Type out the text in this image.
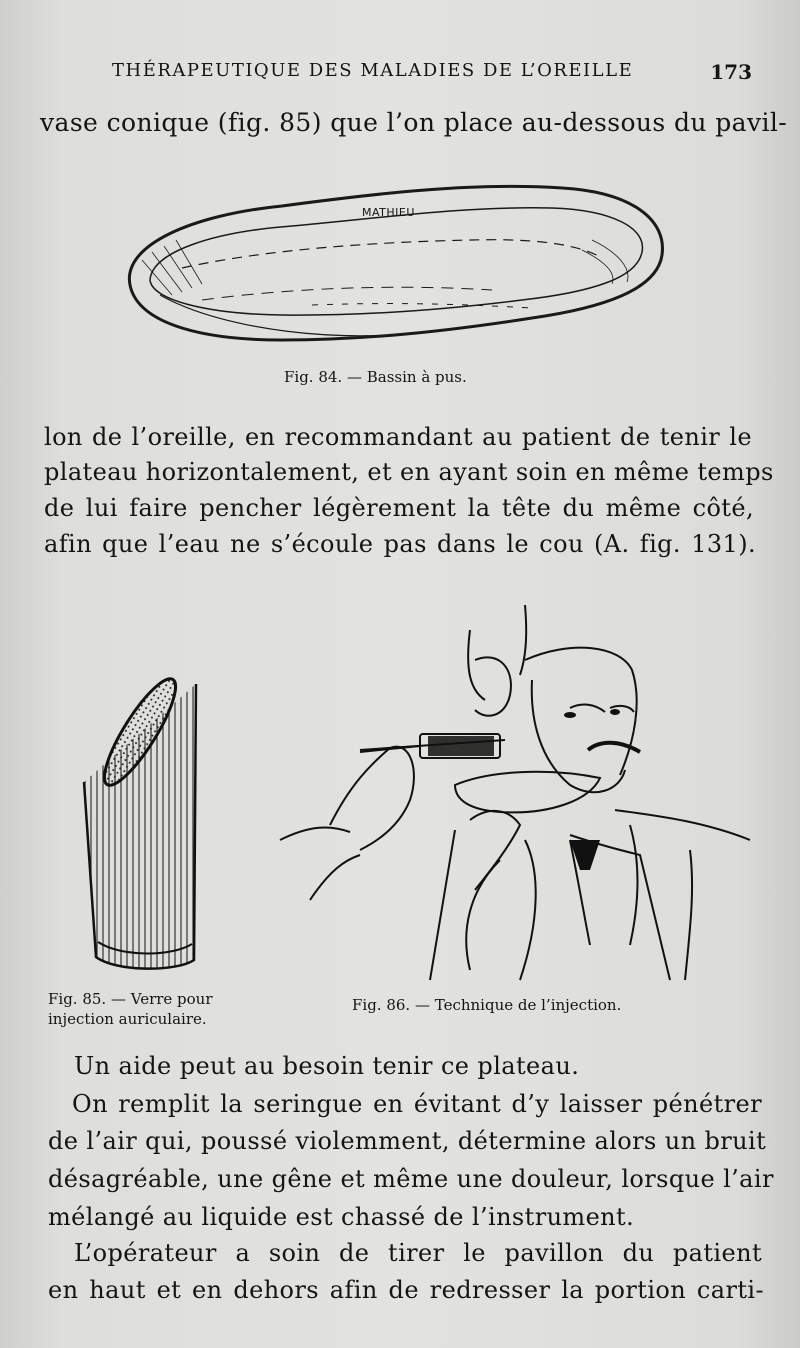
THÉRAPEUTIQUE DES MALADIES DE L’OREILLE	173
vase conique (fig. 85) que l’on place au-dessous du pavil-
MATHIEU
Fig. 84. — Bassin à pus.
lon de l’oreille, en recommandant au patient de tenir le
plateau horizontalement, et en ayant soin en même temps
de lui faire pencher légèrement la tête du même côté,
afin que l’eau ne s’écoule pas dans le cou (A. fig. 131).
Fig. 85. — Verre pour
injection auriculaire.
Fig. 86. — Technique de l’injection.
Un aide peut au besoin tenir ce plateau.
On remplit la seringue en évitant d’y laisser pénétrer
de l’air qui, poussé violemment, détermine alors un bruit
désagréable, une gêne et même une douleur, lorsque l’air
mélangé au liquide est chassé de l’instrument.
L’opérateur a soin de tirer le pavillon du patient
en haut et en dehors afin de redresser la portion carti-
